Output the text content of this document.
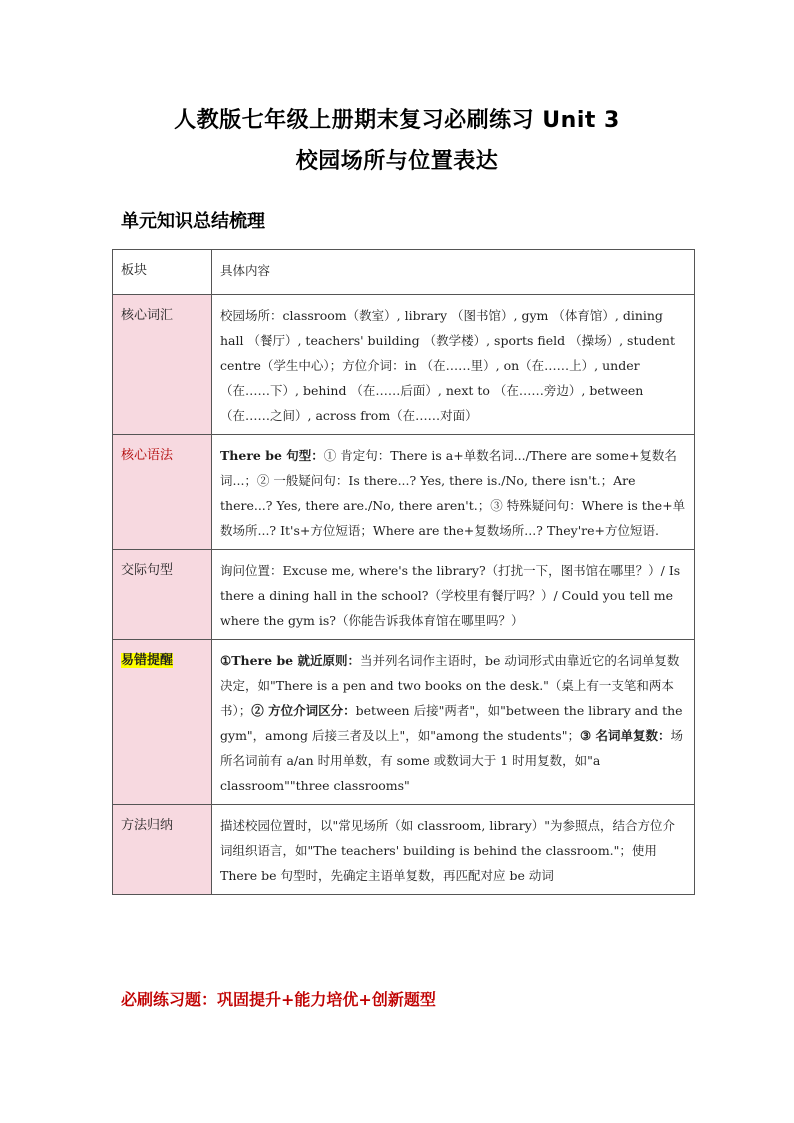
人教版七年级上册期末复习必刷练习 Unit 3
校园场所与位置表达
单元知识总结梳理
板块	具体内容
核心词汇	校园场所：classroom（教室）, library （图书馆）, gym （体育馆）, dining hall （餐厅）, teachers' building （教学楼）, sports field （操场）, student centre（学生中心）；方位介词：in （在……里）, on（在……上）, under（在……下）, behind （在……后面）, next to （在……旁边）, between（在……之间）, across from（在……对面）
核心语法	There be 句型：① 肯定句：There is a+单数名词.../There are some+复数名词...；② 一般疑问句：Is there...? Yes, there is./No, there isn't.；Are there...? Yes, there are./No, there aren't.；③ 特殊疑问句：Where is the+单数场所...? It's+方位短语；Where are the+复数场所...? They're+方位短语.
交际句型	询问位置：Excuse me, where's the library?（打扰一下，图书馆在哪里？）/ Is there a dining hall in the school?（学校里有餐厅吗？）/ Could you tell me where the gym is?（你能告诉我体育馆在哪里吗？）
易错提醒	①There be 就近原则：当并列名词作主语时，be 动词形式由靠近它的名词单复数决定，如"There is a pen and two books on the desk."（桌上有一支笔和两本书）；② 方位介词区分：between 后接"两者"，如"between the library and the gym"，among 后接三者及以上"，如"among the students"；③ 名词单复数：场所名词前有 a/an 时用单数，有 some 或数词大于 1 时用复数，如"a classroom""three classrooms"
方法归纳	描述校园位置时，以"常见场所（如 classroom, library）"为参照点，结合方位介词组织语言，如"The teachers' building is behind the classroom."；使用 There be 句型时，先确定主语单复数，再匹配对应 be 动词
必刷练习题：巩固提升+能力培优+创新题型
